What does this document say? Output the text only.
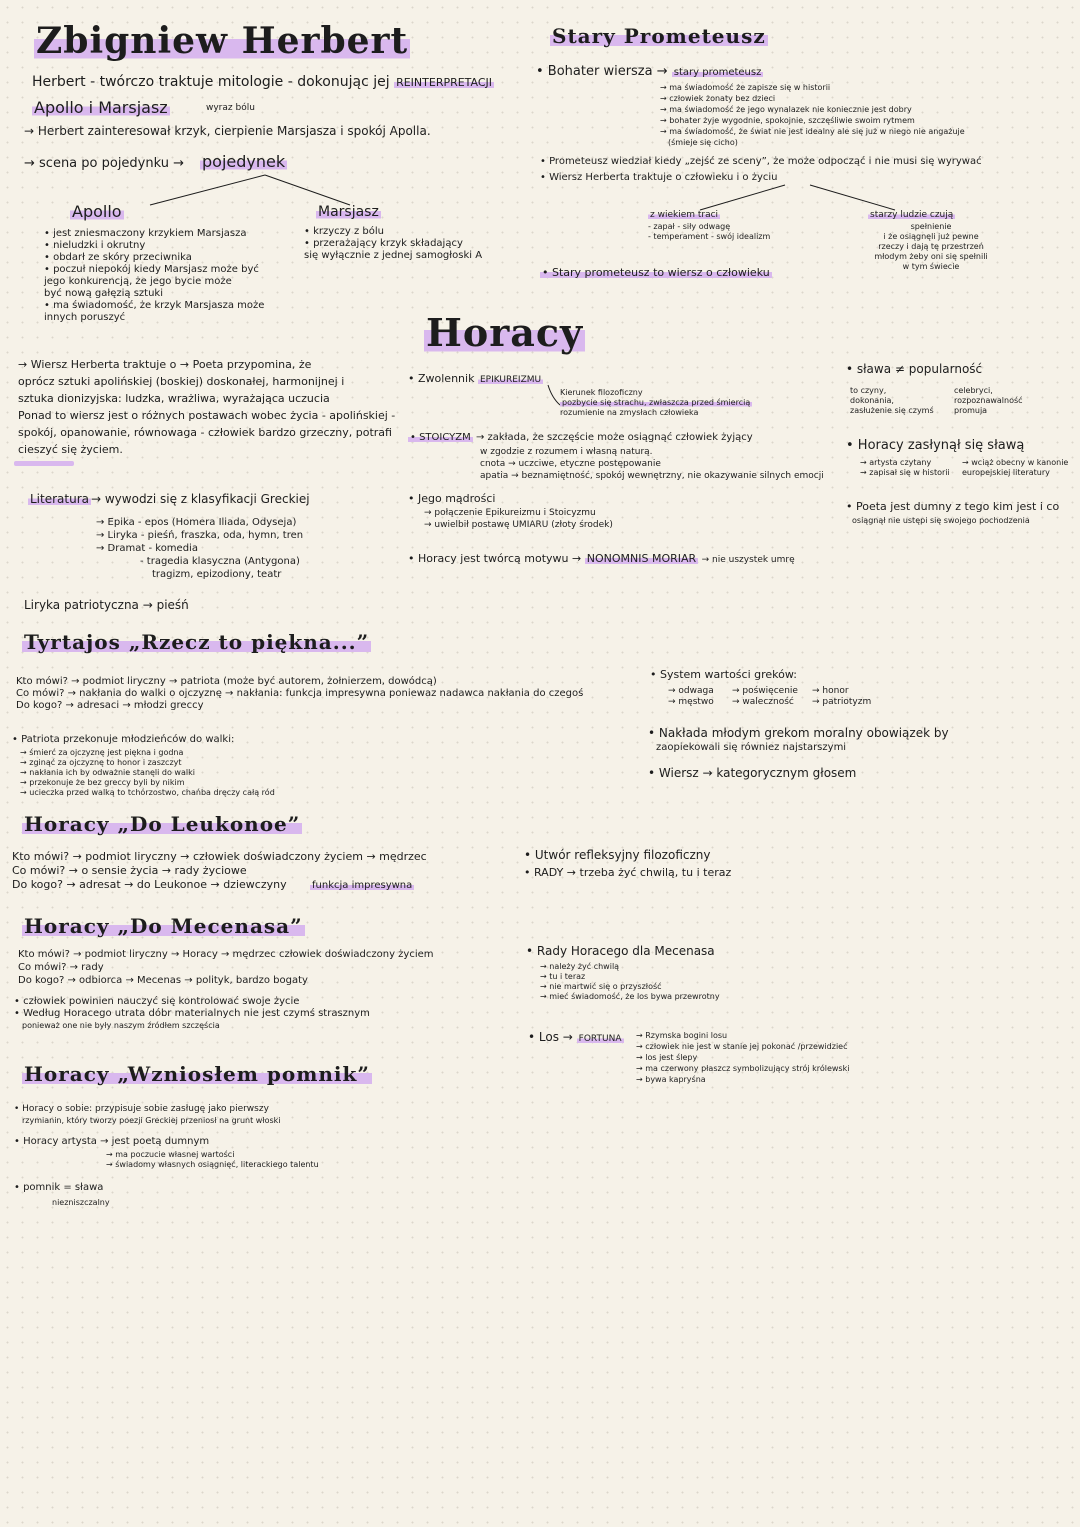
Zbigniew Herbert
Herbert - twórczo traktuje mitologie - dokonując jej REINTERPRETACJI
Apollo i Marsjasz	wyraz bólu
→ Herbert zainteresował krzyk, cierpienie Marsjasza i spokój Apolla.
→ scena po pojedynku → pojedynek
Apollo
• jest zniesmaczony krzykiem Marsjasza
• nieludzki i okrutny
• obdarł ze skóry przeciwnika
• poczuł niepokój kiedy Marsjasz może być
jego konkurencją, że jego bycie może
być nową gałęzią sztuki
• ma świadomość, że krzyk Marsjasza może
innych poruszyć
Marsjasz
• krzyczy z bólu
• przerażający krzyk składający
się wyłącznie z jednej samogłoski A
→ Wiersz Herberta traktuje o → Poeta przypomina, że
oprócz sztuki apolińskiej (boskiej) doskonałej, harmonijnej i
sztuka dionizyjska: ludzka, wrażliwa, wyrażająca uczucia
Ponad to wiersz jest o różnych postawach wobec życia - apolińskiej -
spokój, opanowanie, równowaga - człowiek bardzo grzeczny, potrafi
cieszyć się życiem.
Literatura → wywodzi się z klasyfikacji Greckiej
→ Epika - epos (Homera Iliada, Odyseja)
→ Liryka - pieśń, fraszka, oda, hymn, tren
→ Dramat - komedia
- tragedia klasyczna (Antygona)
tragizm, epizodiony, teatr
Liryka patriotyczna → pieśń
Stary Prometeusz
• Bohater wiersza → stary prometeusz
→ ma świadomość że zapisze się w historii
→ człowiek żonaty bez dzieci
→ ma świadomość że jego wynalazek nie koniecznie jest dobry
→ bohater żyje wygodnie, spokojnie, szczęśliwie swoim rytmem
→ ma świadomość, że świat nie jest idealny ale się już w niego nie angażuje
(śmieje się cicho)
• Prometeusz wiedział kiedy „zejść ze sceny”, że może odpocząć i nie musi się wyrywać
• Wiersz Herberta traktuje o człowieku i o życiu
z wiekiem traci
- zapał - siły odwagę
- temperament - swój idealizm
starzy ludzie czują
spełnienie
i że osiągnęli już pewne
rzeczy i dają tę przestrzeń
młodym żeby oni się spełnili
w tym świecie
• Stary prometeusz to wiersz o człowieku
Horacy
• Zwolennik EPIKUREIZMU
Kierunek filozoficzny
pozbycie się strachu, zwłaszcza przed śmiercią
rozumienie na zmysłach człowieka
• STOICYZM → zakłada, że szczęście może osiągnąć człowiek żyjący
w zgodzie z rozumem i własną naturą.
cnota → uczciwe, etyczne postępowanie
apatia → beznamiętność, spokój wewnętrzny, nie okazywanie silnych emocji
• Jego mądrości
→ połączenie Epikureizmu i Stoicyzmu
→ uwielbił postawę UMIARU (złoty środek)
• Horacy jest twórcą motywu → NONOMNIS MORIAR → nie uszystek umrę
• sława ≠ popularność
to czyny,
dokonania,
zasłużenie się czymś
celebryci,
rozpoznawalność
promuja
• Horacy zasłynął się sławą
→ artysta czytany
→ zapisał się w historii
→ wciąż obecny w kanonie
europejskiej literatury
• Poeta jest dumny z tego kim jest i co
osiągnął nie ustępi się swojego pochodzenia
Tyrtajos „Rzecz to piękna...”
Kto mówi? → podmiot liryczny → patriota (może być autorem, żołnierzem, dowódcą)
Co mówi? → nakłania do walki o ojczyznę → nakłania: funkcja impresywna poniewaz nadawca nakłania do czegoś
Do kogo? → adresaci → młodzi greccy
• Patriota przekonuje młodzieńców do walki:
→ śmierć za ojczyznę jest piękna i godna
→ zginąć za ojczyznę to honor i zaszczyt
→ nakłania ich by odważnie stanęli do walki
→ przekonuje że bez greccy byli by nikim
→ ucieczka przed walką to tchórzostwo, chańba dręczy całą ród
• System wartości greków:
→ odwaga
→ męstwo
→ poświęcenie
→ waleczność
→ honor
→ patriotyzm
• Nakłada młodym grekom moralny obowiązek by
zaopiekowali się równiez najstarszymi
• Wiersz → kategorycznym głosem
Horacy „Do Leukonoe”
Kto mówi? → podmiot liryczny → człowiek doświadczony życiem → mędrzec
Co mówi? → o sensie życia → rady życiowe
Do kogo? → adresat → do Leukonoe → dziewczyny	funkcja impresywna
• Utwór refleksyjny filozoficzny
• RADY → trzeba żyć chwilą, tu i teraz
Horacy „Do Mecenasa”
Kto mówi? → podmiot liryczny → Horacy → mędrzec człowiek doświadczony życiem
Co mówi? → rady
Do kogo? → odbiorca → Mecenas → polityk, bardzo bogaty
• człowiek powinien nauczyć się kontrolować swoje życie
• Według Horacego utrata dóbr materialnych nie jest czymś strasznym
ponieważ one nie były naszym źródłem szczęścia
• Rady Horacego dla Mecenasa
→ należy żyć chwilą
→ tu i teraz
→ nie martwić się o przyszłość
→ mieć świadomość, że los bywa przewrotny
• Los → FORTUNA → Rzymska bogini losu
→ człowiek nie jest w stanie jej pokonać /przewidzieć
→ los jest ślepy
→ ma czerwony płaszcz symbolizujący strój królewski
→ bywa kapryśna
Horacy „Wzniosłem pomnik”
• Horacy o sobie: przypisuje sobie zasługę jako pierwszy
rzymianin, który tworzy poezji Greckiej przeniosł na grunt włoski
• Horacy artysta → jest poetą dumnym
→ ma poczucie własnej wartości
→ świadomy własnych osiągnięć, literackiego talentu
• pomnik = sława
niezniszczalny
